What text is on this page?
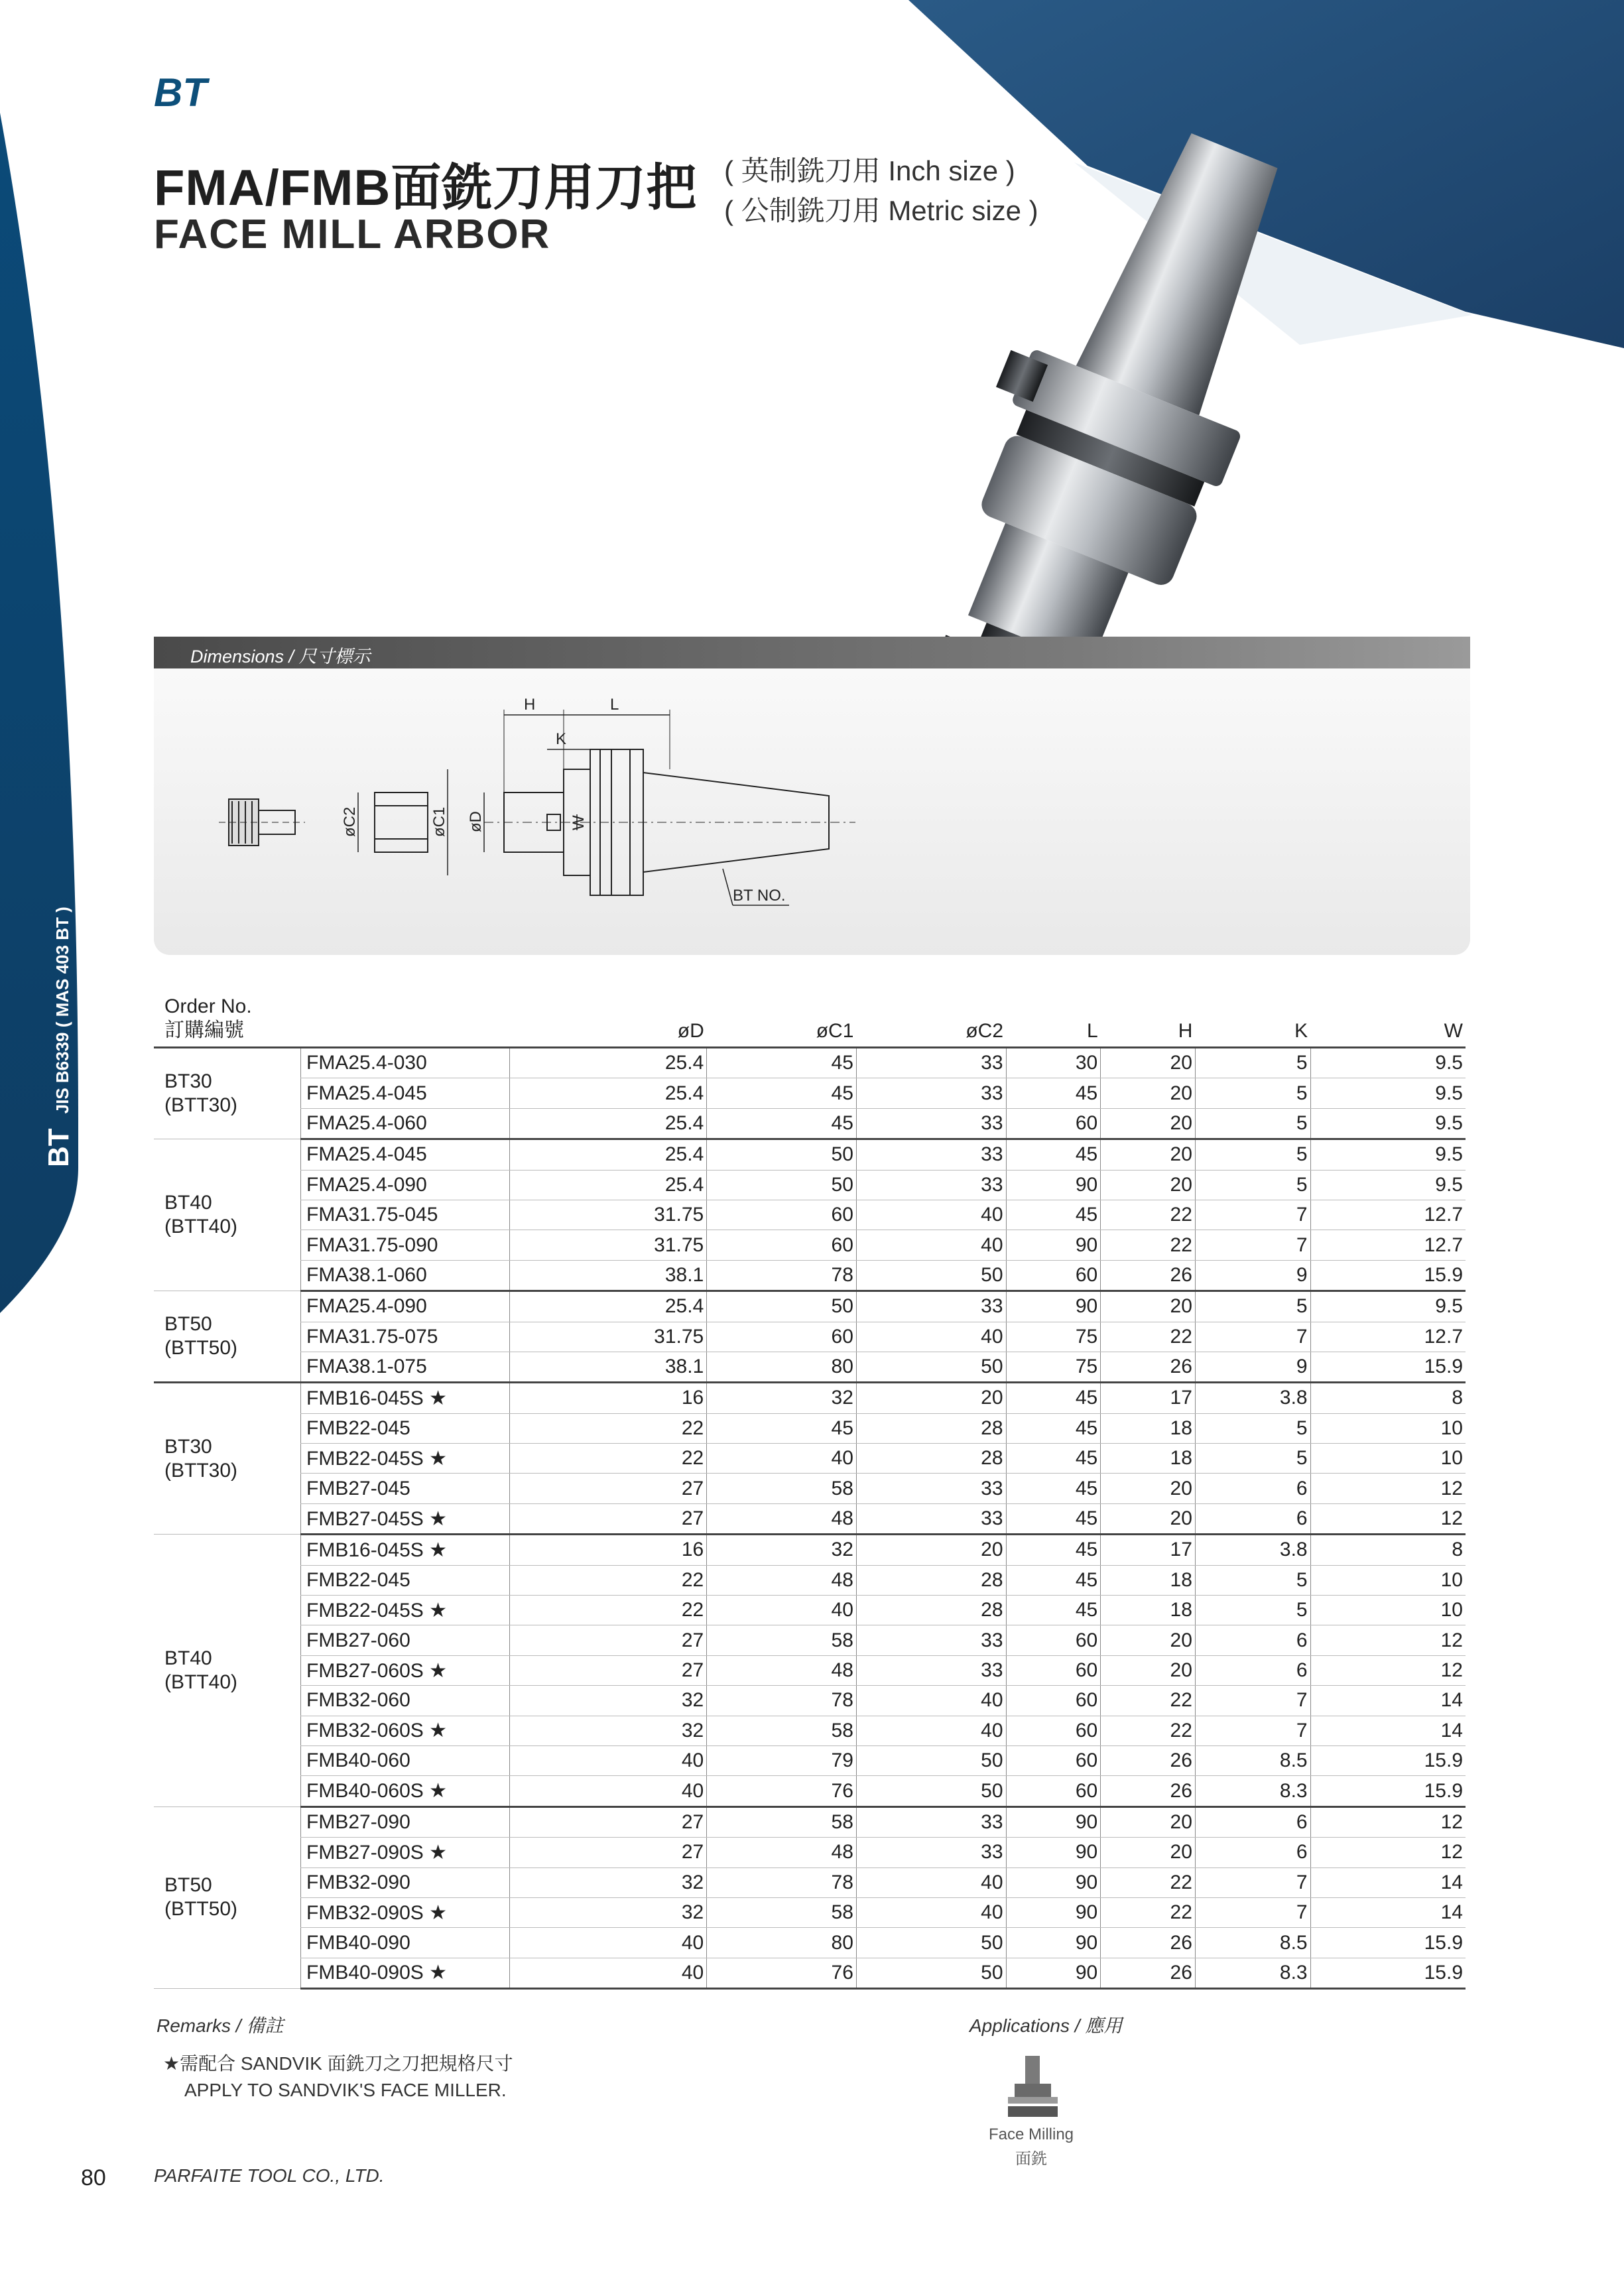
BT
FMA/FMB面銑刀用刀把
FACE MILL ARBOR
( 英制銑刀用 Inch size )
( 公制銑刀用 Metric size )
BTJIS B6339 ( MAS 403 BT )
Dimensions / 尺寸標示
H	L
K
øC2	øC1 øD	W
BT NO.
Order No.
訂購編號		øD	øC1	øC2	L	H	K	W
BT30
(BTT30)	FMA25.4-030	25.4	45	33	30	20	5	9.5
	FMA25.4-045	25.4	45	33	45	20	5	9.5
	FMA25.4-060	25.4	45	33	60	20	5	9.5
BT40
(BTT40)	FMA25.4-045	25.4	50	33	45	20	5	9.5
	FMA25.4-090	25.4	50	33	90	20	5	9.5
	FMA31.75-045	31.75	60	40	45	22	7	12.7
	FMA31.75-090	31.75	60	40	90	22	7	12.7
	FMA38.1-060	38.1	78	50	60	26	9	15.9
BT50
(BTT50)	FMA25.4-090	25.4	50	33	90	20	5	9.5
	FMA31.75-075	31.75	60	40	75	22	7	12.7
	FMA38.1-075	38.1	80	50	75	26	9	15.9
BT30
(BTT30)	FMB16-045S ★	16	32	20	45	17	3.8	8
	FMB22-045	22	45	28	45	18	5	10
	FMB22-045S ★	22	40	28	45	18	5	10
	FMB27-045	27	58	33	45	20	6	12
	FMB27-045S ★	27	48	33	45	20	6	12
BT40
(BTT40)	FMB16-045S ★	16	32	20	45	17	3.8	8
	FMB22-045	22	48	28	45	18	5	10
	FMB22-045S ★	22	40	28	45	18	5	10
	FMB27-060	27	58	33	60	20	6	12
	FMB27-060S ★	27	48	33	60	20	6	12
	FMB32-060	32	78	40	60	22	7	14
	FMB32-060S ★	32	58	40	60	22	7	14
	FMB40-060	40	79	50	60	26	8.5	15.9
	FMB40-060S ★	40	76	50	60	26	8.3	15.9
BT50
(BTT50)	FMB27-090	27	58	33	90	20	6	12
	FMB27-090S ★	27	48	33	90	20	6	12
	FMB32-090	32	78	40	90	22	7	14
	FMB32-090S ★	32	58	40	90	22	7	14
	FMB40-090	40	80	50	90	26	8.5	15.9
	FMB40-090S ★	40	76	50	90	26	8.3	15.9
Remarks / 備註
★需配合 SANDVIK 面銑刀之刀把規格尺寸
APPLY TO SANDVIK'S FACE MILLER.
Applications / 應用
Face Milling
面銑
80	PARFAITE TOOL CO., LTD.
